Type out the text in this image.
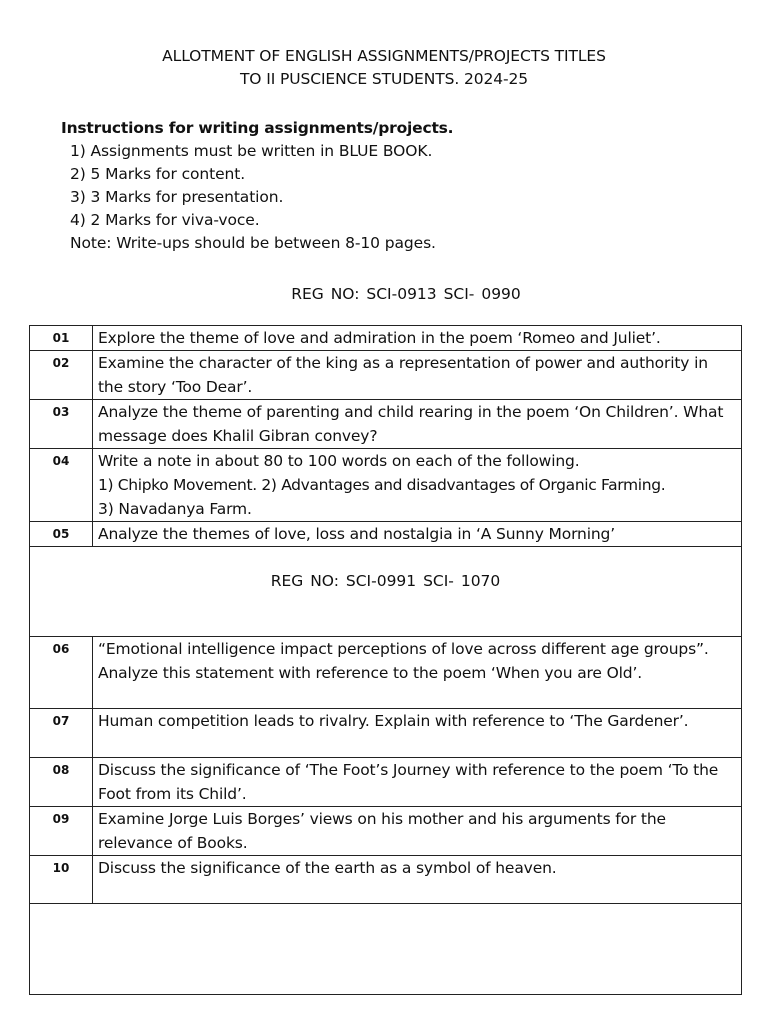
ALLOTMENT OF ENGLISH ASSIGNMENTS/PROJECTS TITLES
TO II PUSCIENCE STUDENTS. 2024-25
Instructions for writing assignments/projects.
1) Assignments must be written in BLUE BOOK.
2) 5 Marks for content.
3) 3 Marks for presentation.
4) 2 Marks for viva-voce.
Note: Write-ups should be between 8-10 pages.
REG NO: SCI-0913 SCI- 0990
01	Explore the theme of love and admiration in the poem ‘Romeo and Juliet’.
02	Examine the character of the king as a representation of power and authority in the story ‘Too Dear’.
03	Analyze the theme of parenting and child rearing in the poem ‘On Children’. What message does Khalil Gibran convey?
04	Write a note in about 80 to 100 words on each of the following.
1) Chipko Movement. 2) Advantages and disadvantages of Organic Farming.
3) Navadanya Farm.

05	Analyze the themes of love, loss and nostalgia in ‘A Sunny Morning’
REG NO: SCI-0991 SCI- 1070	
06	“Emotional intelligence impact perceptions of love across different age groups”. Analyze this statement with reference to the poem ‘When you are Old’.
07	Human competition leads to rivalry. Explain with reference to ‘The Gardener’.
08	Discuss the significance of ‘The Foot’s Journey with reference to the poem ‘To the Foot from its Child’.
09	Examine Jorge Luis Borges’ views on his mother and his arguments for the relevance of Books.
10	Discuss the significance of the earth as a symbol of heaven.
